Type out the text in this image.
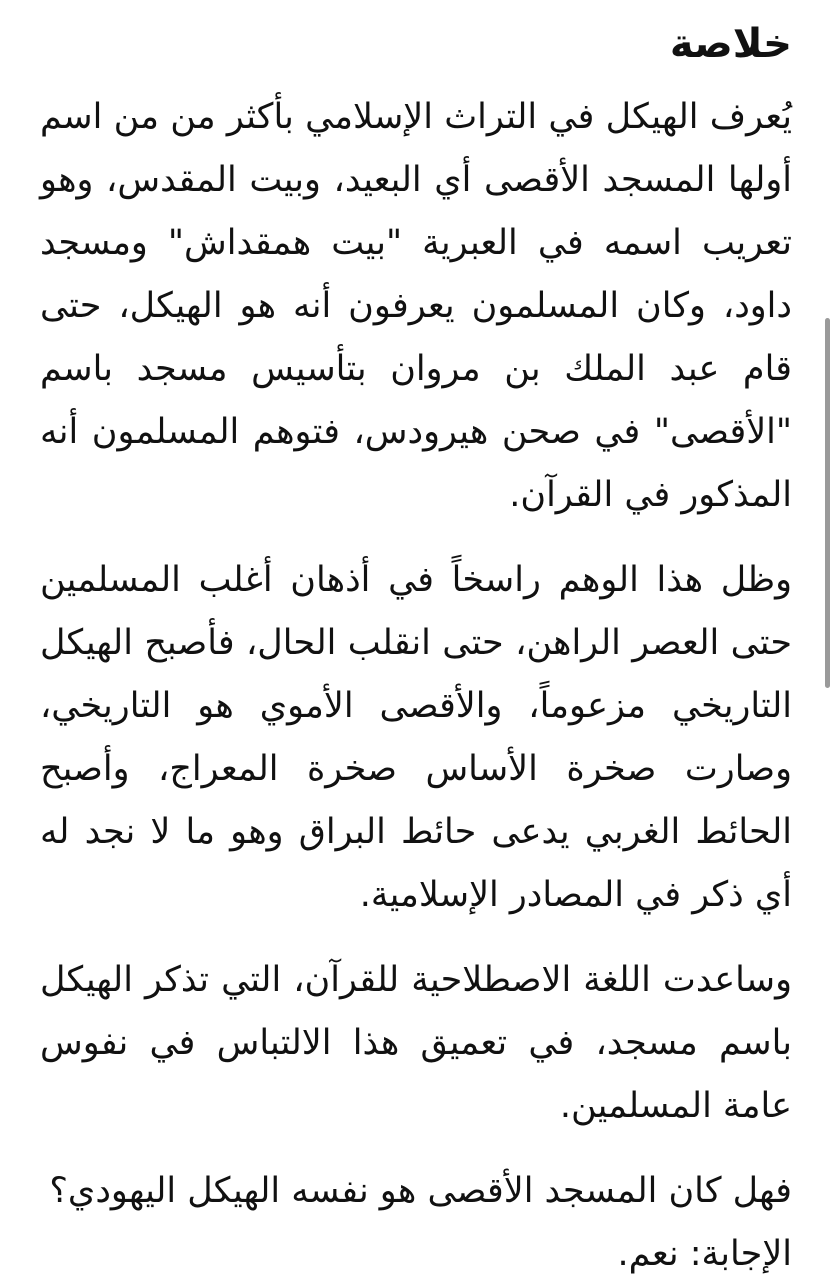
خلاصة

يُعرف الهيكل في التراث الإسلامي بأكثر من من اسم أولها المسجد الأقصى أي البعيد، وبيت المقدس، وهو تعريب اسمه في العبرية "بيت همقداش" ومسجد داود، وكان المسلمون يعرفون أنه هو الهيكل، حتى قام عبد الملك بن مروان بتأسيس مسجد باسم "الأقصى" في صحن هيرودس، فتوهم المسلمون أنه المذكور في القرآن.

وظل هذا الوهم راسخاً في أذهان أغلب المسلمين حتى العصر الراهن، حتى انقلب الحال، فأصبح الهيكل التاريخي مزعوماً، والأقصى الأموي هو التاريخي، وصارت صخرة الأساس صخرة المعراج، وأصبح الحائط الغربي يدعى حائط البراق وهو ما لا نجد له أي ذكر في المصادر الإسلامية.

وساعدت اللغة الاصطلاحية للقرآن، التي تذكر الهيكل باسم مسجد، في تعميق هذا الالتباس في نفوس عامة المسلمين.

فهل كان المسجد الأقصى هو نفسه الهيكل اليهودي؟

الإجابة: نعم.
